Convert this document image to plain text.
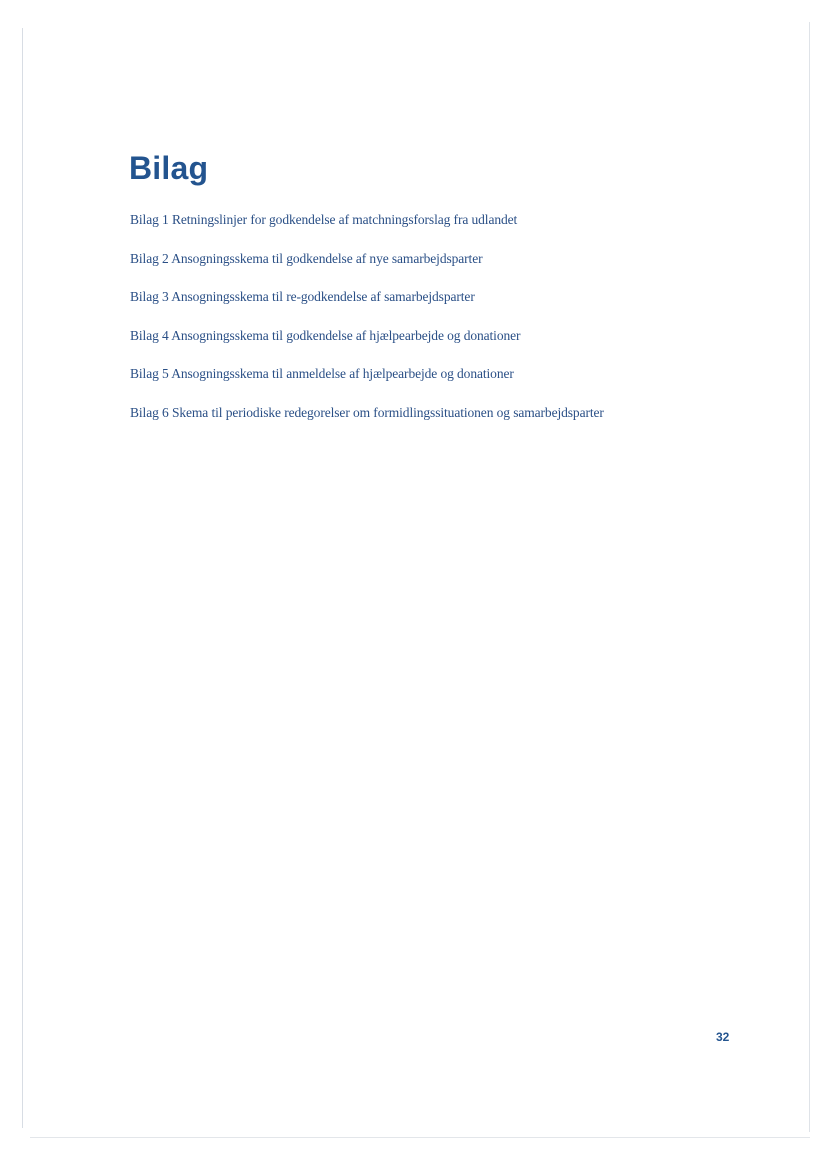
Bilag
Bilag 1 Retningslinjer for godkendelse af matchningsforslag fra udlandet
Bilag 2 Ansogningsskema til godkendelse af nye samarbejdsparter
Bilag 3 Ansogningsskema til re-godkendelse af samarbejdsparter
Bilag 4 Ansogningsskema til godkendelse af hjælpearbejde og donationer
Bilag 5 Ansogningsskema til anmeldelse af hjælpearbejde og donationer
Bilag 6 Skema til periodiske redegorelser om formidlingssituationen og samarbejdsparter
32
